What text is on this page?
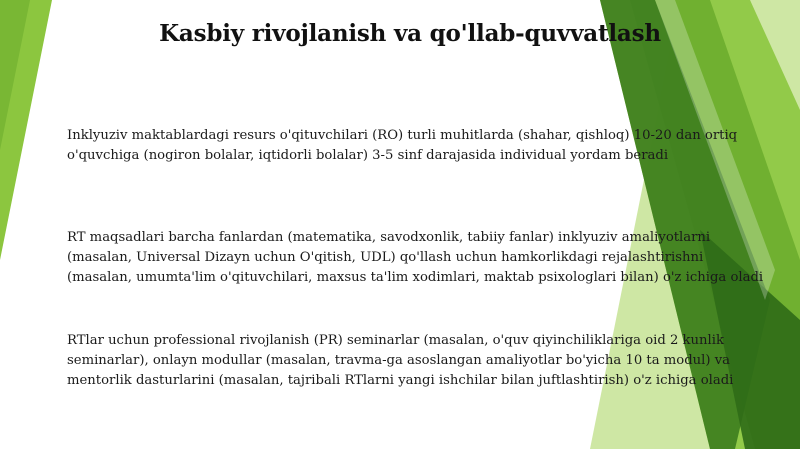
Kasbiy rivojlanish va qo'llab-quvvatlash
Inklyuziv maktablardagi resurs o'qituvchilari (RO) turli muhitlarda (shahar, qishloq) 10-20 dan ortiq o'quvchiga (nogiron bolalar, iqtidorli bolalar) 3-5 sinf darajasida individual yordam beradi
RT maqsadlari barcha fanlardan (matematika, savodxonlik, tabiiy fanlar) inklyuziv amaliyotlarni (masalan, Universal Dizayn uchun O'qitish, UDL) qo'llash uchun hamkorlikdagi rejalashtirishni (masalan, umumta'lim o'qituvchilari, maxsus ta'lim xodimlari, maktab psixologlari bilan) o'z ichiga oladi
RTlar uchun professional rivojlanish (PR) seminarlar (masalan, o'quv qiyinchiliklariga oid 2 kunlik seminarlar), onlayn modullar (masalan, travma-ga asoslangan amaliyotlar bo'yicha 10 ta modul) va mentorlik dasturlarini (masalan, tajribali RTlarni yangi ishchilar bilan juftlashtirish) o'z ichiga oladi
